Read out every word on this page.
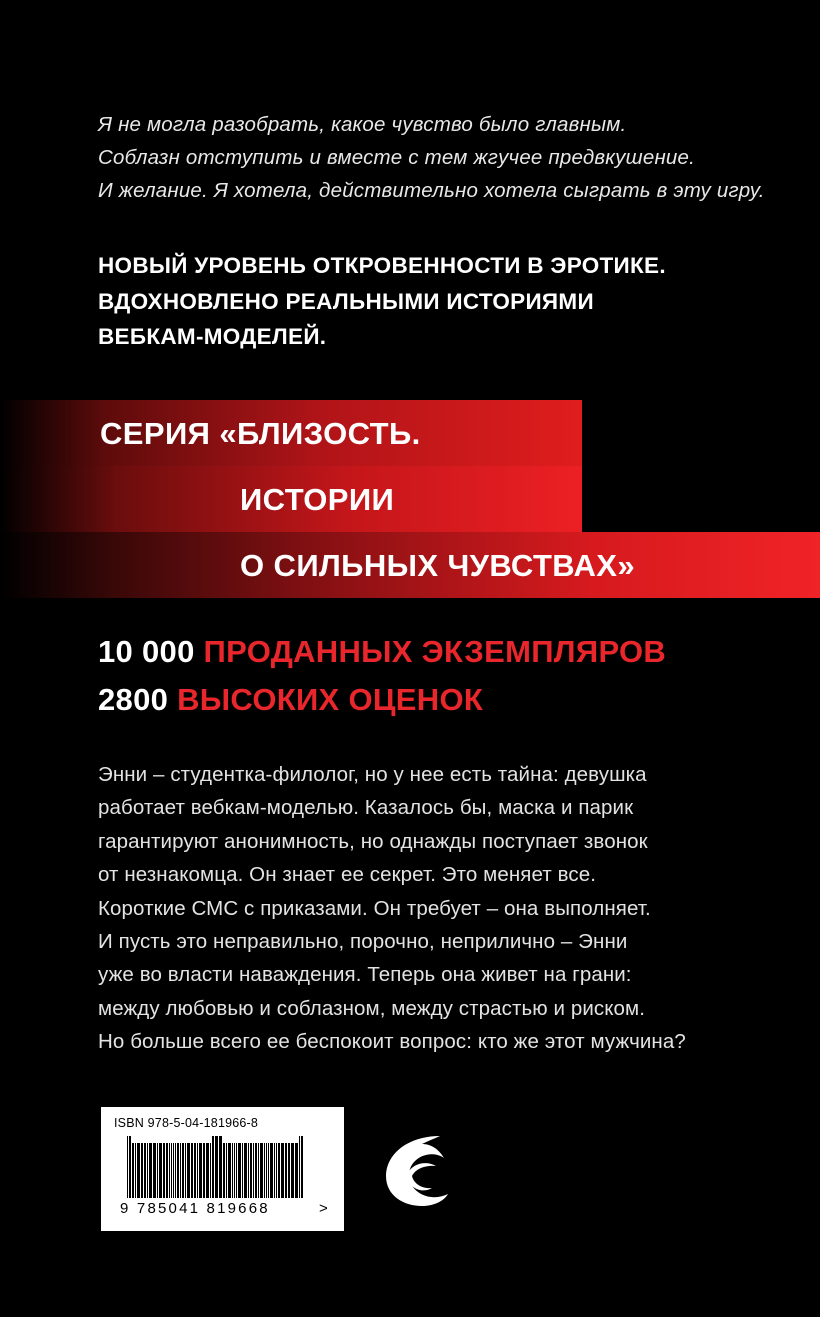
Я не могла разобрать, какое чувство было главным.
Соблазн отступить и вместе с тем жгучее предвкушение.
И желание. Я хотела, действительно хотела сыграть в эту игру.
НОВЫЙ УРОВЕНЬ ОТКРОВЕННОСТИ В ЭРОТИКЕ.
ВДОХНОВЛЕНО РЕАЛЬНЫМИ ИСТОРИЯМИ
ВЕБКАМ-МОДЕЛЕЙ.
СЕРИЯ «БЛИЗОСТЬ.
ИСТОРИИ
О СИЛЬНЫХ ЧУВСТВАХ»
10 000 ПРОДАННЫХ ЭКЗЕМПЛЯРОВ
2800 ВЫСОКИХ ОЦЕНОК
Энни – студентка-филолог, но у нее есть тайна: девушка
работает вебкам-моделью. Казалось бы, маска и парик
гарантируют анонимность, но однажды поступает звонок
от незнакомца. Он знает ее секрет. Это меняет все.
Короткие СМС с приказами. Он требует – она выполняет.
И пусть это неправильно, порочно, неприлично – Энни
уже во власти наваждения. Теперь она живет на грани:
между любовью и соблазном, между страстью и риском.
Но больше всего ее беспокоит вопрос: кто же этот мужчина?
ISBN 978-5-04-181966-8
9 785041 819668	>
